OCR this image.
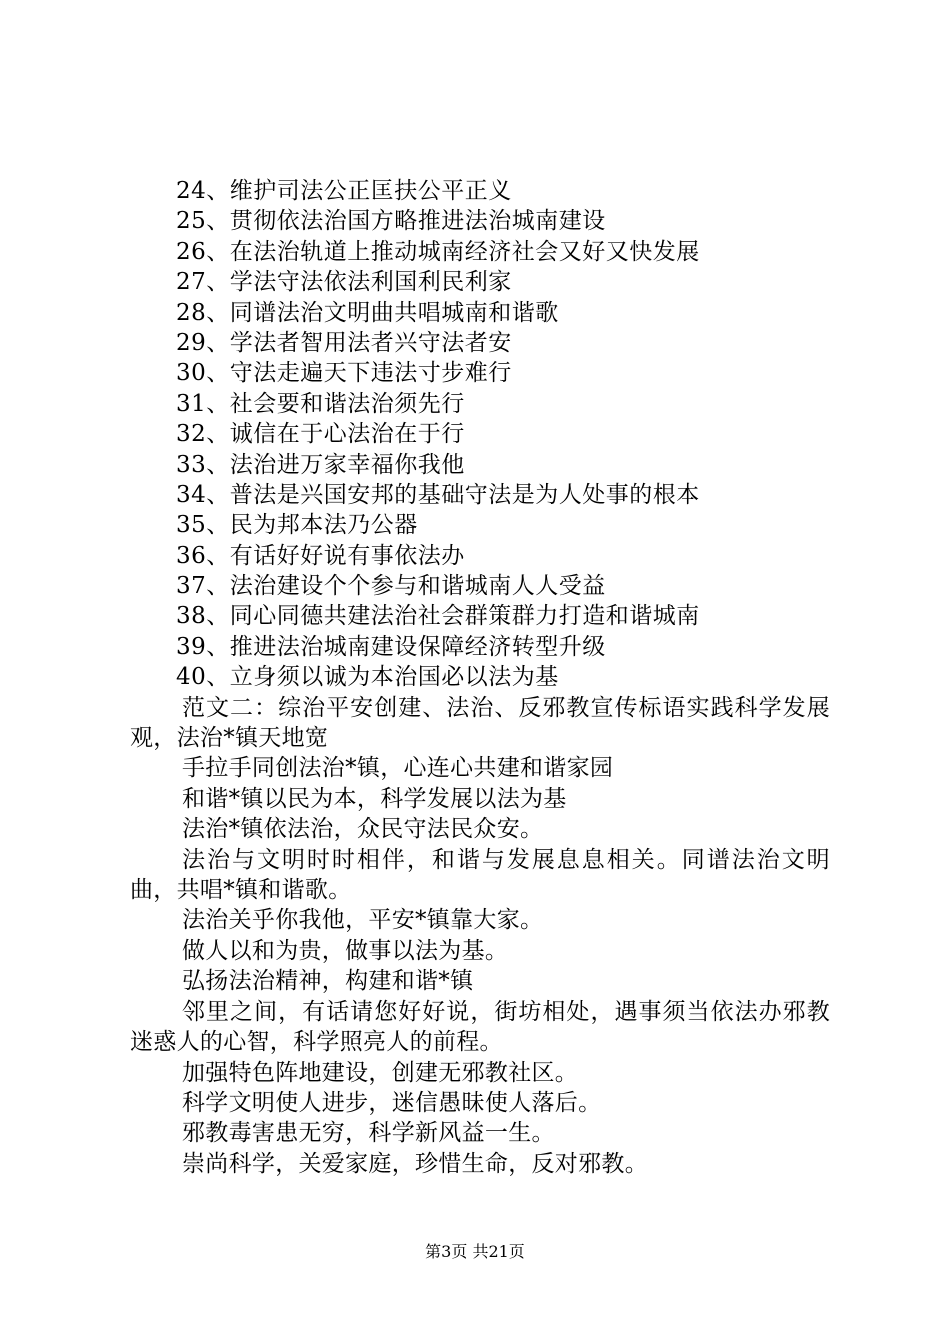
24、维护司法公正匡扶公平正义
25、贯彻依法治国方略推进法治城南建设
26、在法治轨道上推动城南经济社会又好又快发展
27、学法守法依法利国利民利家
28、同谱法治文明曲共唱城南和谐歌
29、学法者智用法者兴守法者安
30、守法走遍天下违法寸步难行
31、社会要和谐法治须先行
32、诚信在于心法治在于行
33、法治进万家幸福你我他
34、普法是兴国安邦的基础守法是为人处事的根本
35、民为邦本法乃公器
36、有话好好说有事依法办
37、法治建设个个参与和谐城南人人受益
38、同心同德共建法治社会群策群力打造和谐城南
39、推进法治城南建设保障经济转型升级
40、立身须以诚为本治国必以法为基

范文二：综治平安创建、法治、反邪教宣传标语实践科学发展观，法治*镇天地宽

手拉手同创法治*镇，心连心共建和谐家园

和谐*镇以民为本，科学发展以法为基

法治*镇依法治，众民守法民众安。

法治与文明时时相伴，和谐与发展息息相关。同谱法治文明曲，共唱*镇和谐歌。

法治关乎你我他，平安*镇靠大家。

做人以和为贵，做事以法为基。

弘扬法治精神，构建和谐*镇

邻里之间，有话请您好好说，街坊相处，遇事须当依法办邪教迷惑人的心智，科学照亮人的前程。

加强特色阵地建设，创建无邪教社区。

科学文明使人进步，迷信愚昧使人落后。

邪教毒害患无穷，科学新风益一生。

崇尚科学，关爱家庭，珍惜生命，反对邪教。

第3页 共21页
